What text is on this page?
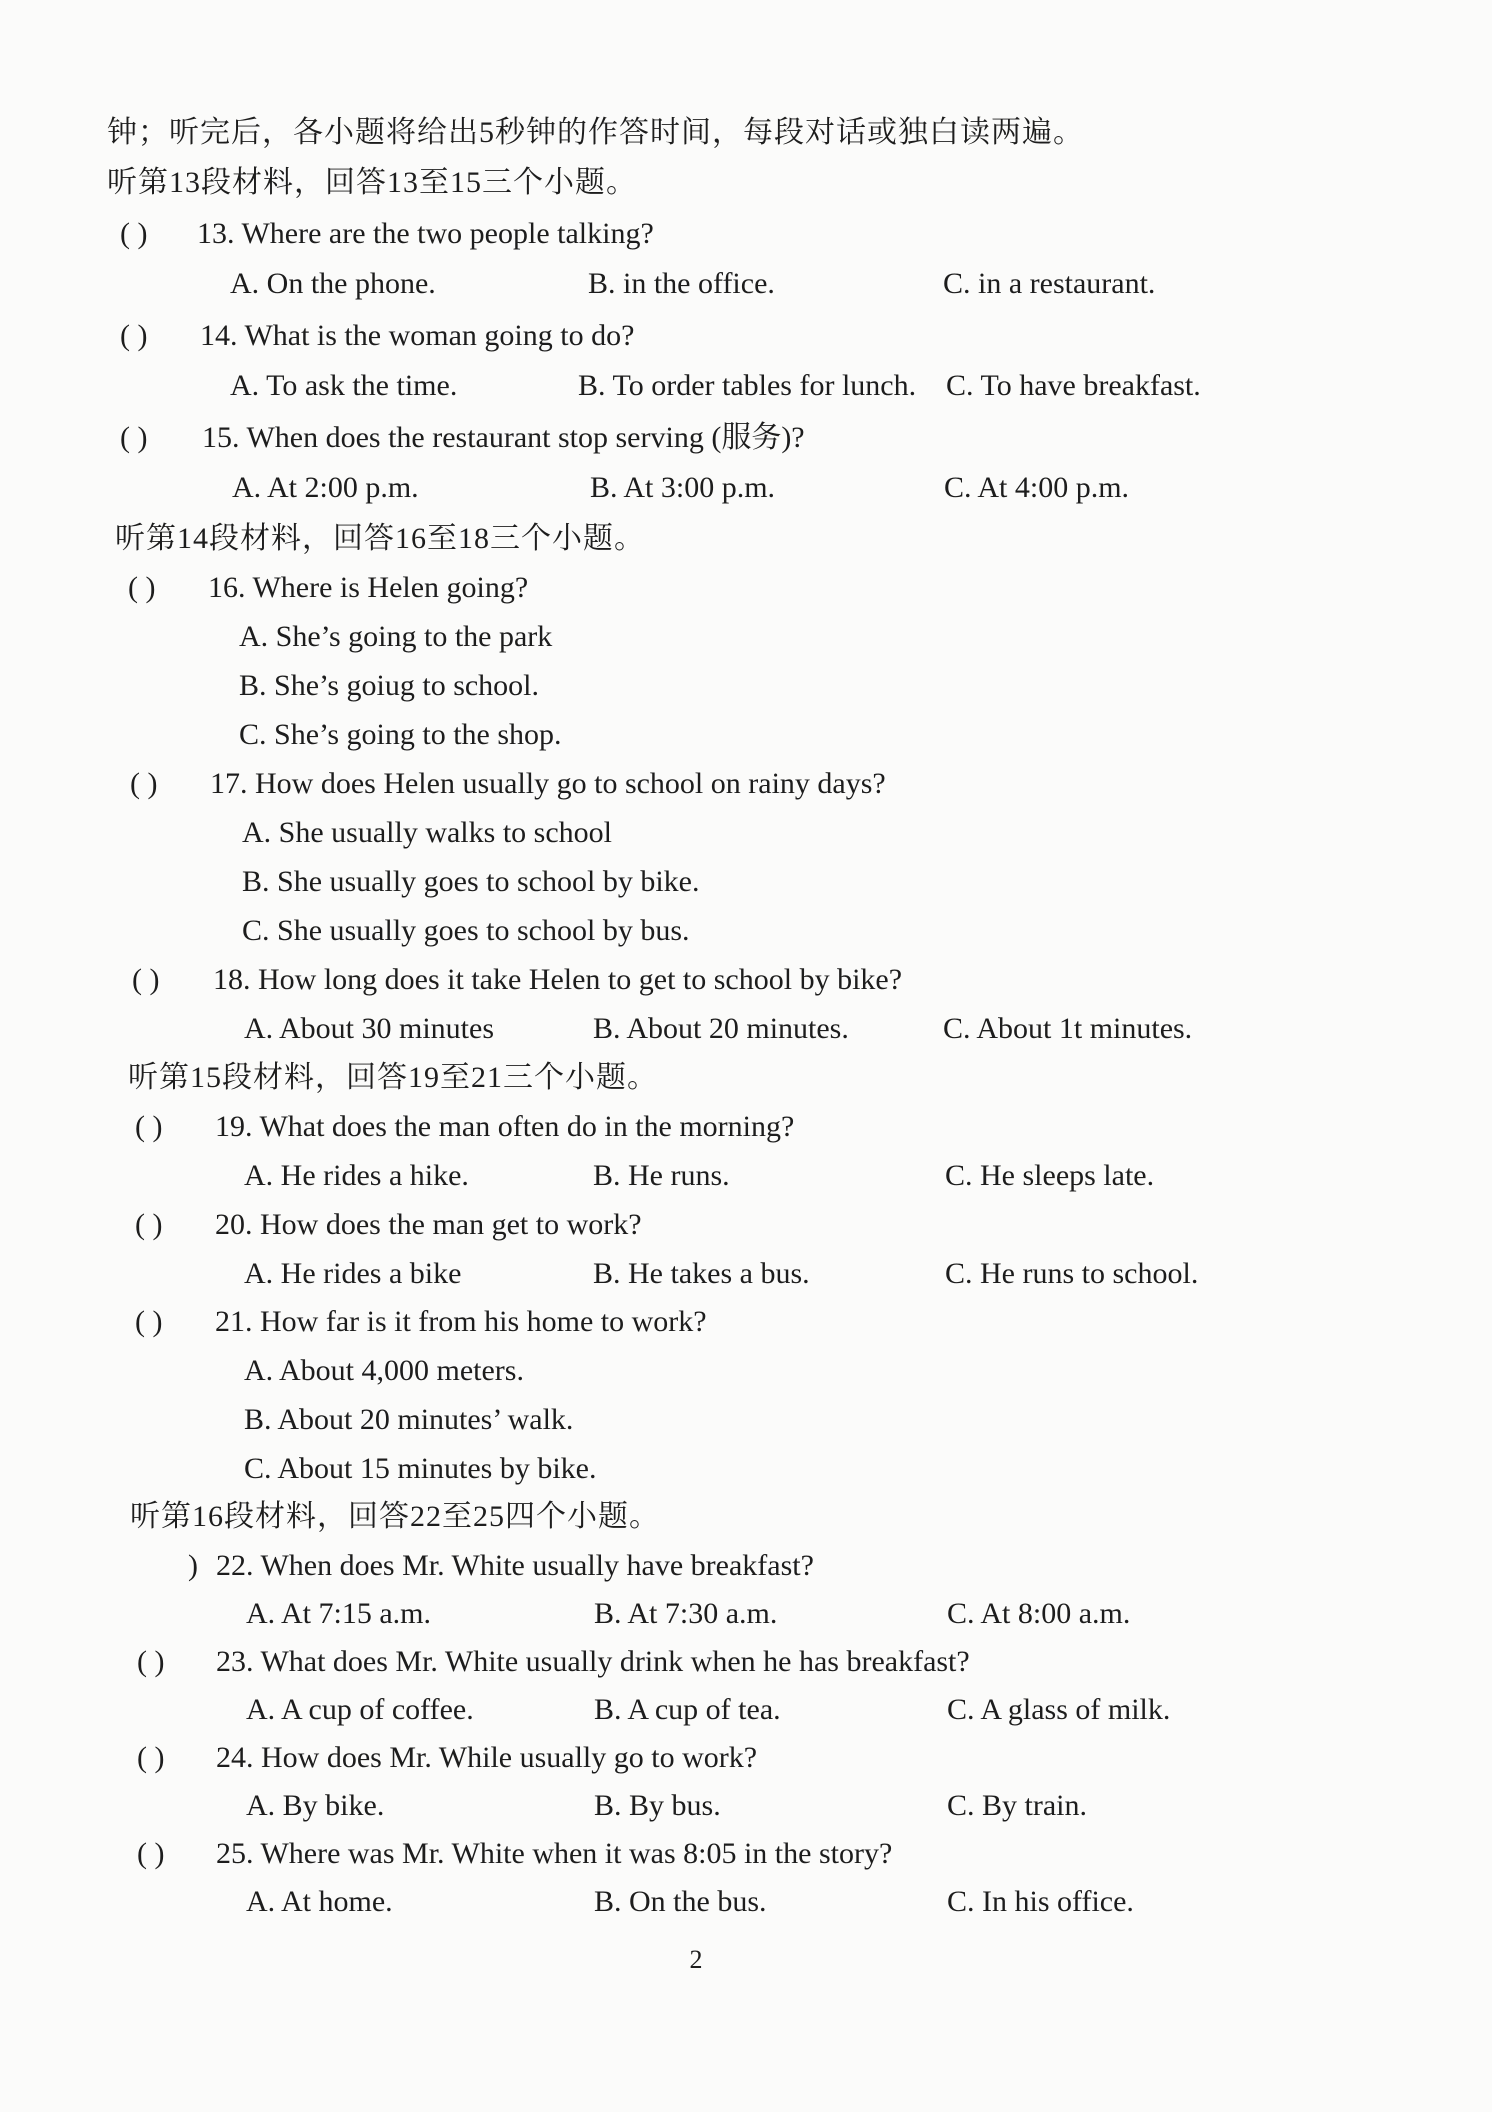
钟；听完后，各小题将给出5秒钟的作答时间，每段对话或独白读两遍。
听第13段材料，回答13至15三个小题。
( ) 13. Where are the two people talking?
A. On the phone.	B. in the office.	C. in a restaurant.
( ) 14. What is the woman going to do?
A. To ask the time.	B. To order tables for lunch. C. To have breakfast.
( ) 15. When does the restaurant stop serving (服务)?
A. At 2:00 p.m.	B. At 3:00 p.m.	C. At 4:00 p.m.
听第14段材料，回答16至18三个小题。
( ) 16. Where is Helen going?
A. She’s going to the park
B. She’s goiug to school.
C. She’s going to the shop.
( ) 17. How does Helen usually go to school on rainy days?
A. She usually walks to school
B. She usually goes to school by bike.
C. She usually goes to school by bus.
( ) 18. How long does it take Helen to get to school by bike?
A. About 30 minutes	B. About 20 minutes.	C. About 1t minutes.
听第15段材料，回答19至21三个小题。
( ) 19. What does the man often do in the morning?
A. He rides a hike.	B. He runs.	C. He sleeps late.
( ) 20. How does the man get to work?
A. He rides a bike	B. He takes a bus.	C. He runs to school.
( ) 21. How far is it from his home to work?
A. About 4,000 meters.
B. About 20 minutes’ walk.
C. About 15 minutes by bike.
听第16段材料，回答22至25四个小题。
) 22. When does Mr. White usually have breakfast?
A. At 7:15 a.m.	B. At 7:30 a.m.	C. At 8:00 a.m.
( ) 23. What does Mr. White usually drink when he has breakfast?
A. A cup of coffee.	B. A cup of tea.	C. A glass of milk.
( ) 24. How does Mr. While usually go to work?
A. By bike.	B. By bus.	C. By train.
( ) 25. Where was Mr. White when it was 8:05 in the story?
A. At home.	B. On the bus.	C. In his office.
2
